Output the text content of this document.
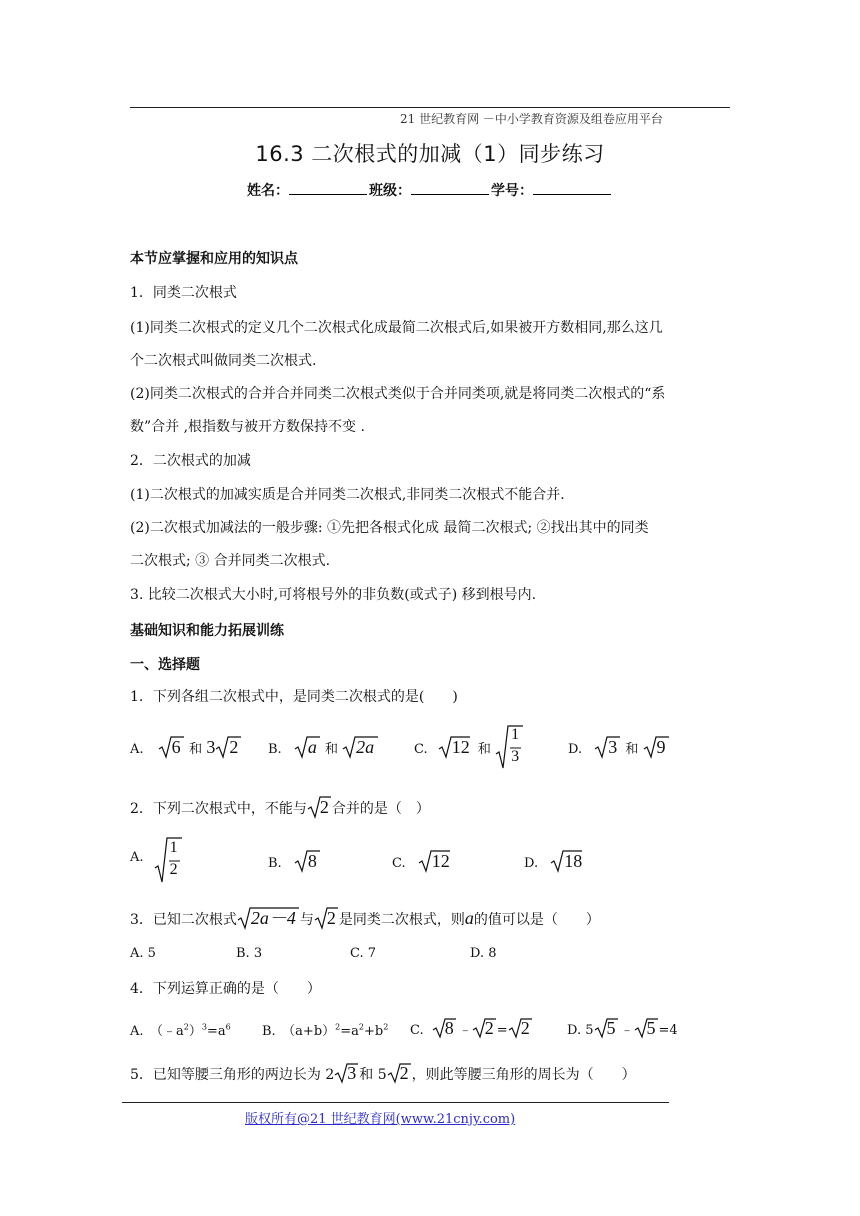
21 世纪教育网 －中小学教育资源及组卷应用平台
16.3 二次根式的加减（1）同步练习
姓名：	班级：	学号：
本节应掌握和应用的知识点
1．同类二次根式
(1)同类二次根式的定义几个二次根式化成最简二次根式后,如果被开方数相同,那么这几
个二次根式叫做同类二次根式.
(2)同类二次根式的合并合并同类二次根式类似于合并同类项,就是将同类二次根式的“系
数”合并 ,根指数与被开方数保持不变 .
2．二次根式的加减
(1)二次根式的加减实质是合并同类二次根式,非同类二次根式不能合并.
(2)二次根式加减法的一般步骤: ①先把各根式化成 最简二次根式; ②找出其中的同类
二次根式; ③ 合并同类二次根式.
3. 比较二次根式大小时,可将根号外的非负数(或式子) 移到根号内.
基础知识和能力拓展训练
一、选择题
1．下列各组二次根式中，是同类二次根式的是(　　)
A. 6 和 3 2	B. a 和 2a	C. 12 和
1
3	D. 3 和 9
2．下列二次根式中，不能与 2 合并的是（　）
A.
1
2	B. 8	C. 12	D. 18
3．已知二次根式 2a－4 与 2 是同类二次根式，则a的值可以是（　　）
A. 5	B. 3	C. 7	D. 8
4．下列运算正确的是（　　）
A.　$(﹣a^2)^3=a^6$ B.　$(a+b)^2=a^2+b^2$ C. 8 ﹣ 2 = 2	D. 5 5 ﹣ 5 =4
5．已知等腰三角形的两边长为 2 3 和 5 2 ，则此等腰三角形的周长为（　　）
版权所有@21 世纪教育网(www.21cnjy.com)
